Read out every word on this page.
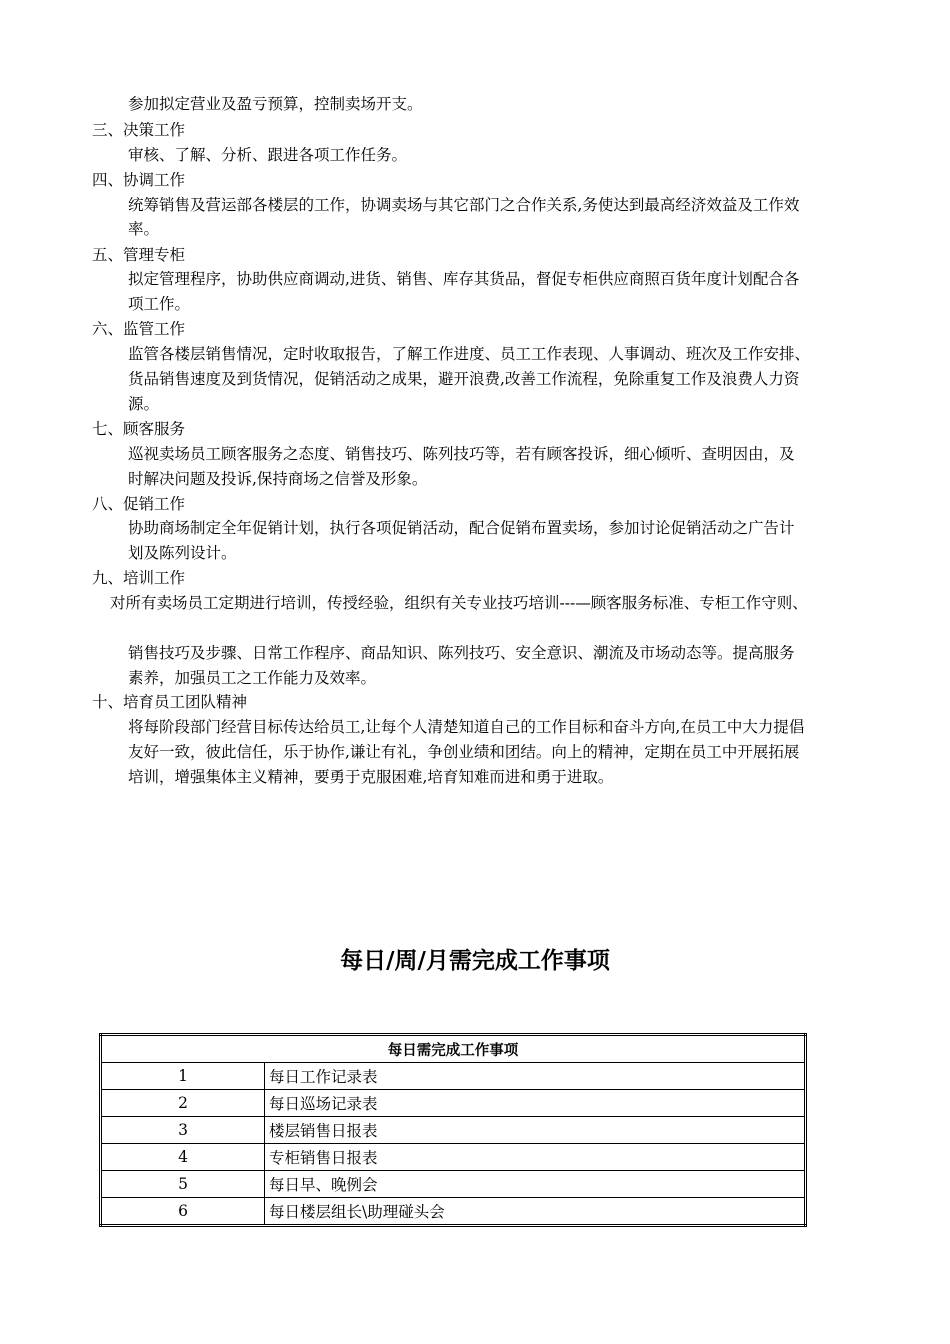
参加拟定营业及盈亏预算，控制卖场开支。
三、决策工作
审核、了解、分析、跟进各项工作任务。
四、协调工作
统筹销售及营运部各楼层的工作，协调卖场与其它部门之合作关系,务使达到最高经济效益及工作效
率。
五、管理专柜
拟定管理程序，协助供应商调动,进货、销售、库存其货品，督促专柜供应商照百货年度计划配合各
项工作。
六、监管工作
监管各楼层销售情况，定时收取报告，了解工作进度、员工工作表现、人事调动、班次及工作安排、
货品销售速度及到货情况，促销活动之成果，避开浪费,改善工作流程，免除重复工作及浪费人力资
源。
七、顾客服务
巡视卖场员工顾客服务之态度、销售技巧、陈列技巧等，若有顾客投诉，细心倾听、查明因由，及
时解决问题及投诉,保持商场之信誉及形象。
八、促销工作
协助商场制定全年促销计划，执行各项促销活动，配合促销布置卖场，参加讨论促销活动之广告计
划及陈列设计。
九、培训工作
对所有卖场员工定期进行培训，传授经验，组织有关专业技巧培训---—顾客服务标准、专柜工作守则、
销售技巧及步骤、日常工作程序、商品知识、陈列技巧、安全意识、潮流及市场动态等。提高服务
素养，加强员工之工作能力及效率。
十、培育员工团队精神
将每阶段部门经营目标传达给员工,让每个人清楚知道自己的工作目标和奋斗方向,在员工中大力提倡
友好一致，彼此信任，乐于协作,谦让有礼，争创业绩和团结。向上的精神，定期在员工中开展拓展
培训，增强集体主义精神，要勇于克服困难,培育知难而进和勇于进取。
每日/周/月需完成工作事项
每日需完成工作事项	
1	每日工作记录表
2	每日巡场记录表
3	楼层销售日报表
4	专柜销售日报表
5	每日早、晚例会
6	每日楼层组长\助理碰头会
